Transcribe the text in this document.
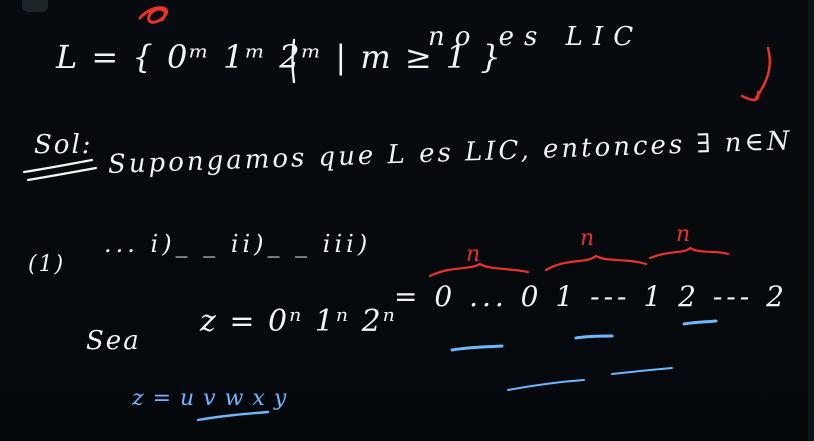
L = { 0ᵐ 1ᵐ 2ᵐ | m ≥ 1 }
no es LIC
Sol: Supongamos que L es LIC, entonces ∃ n∈N
(1)
... i)_ _ ii)_ _ iii)	n
n	n
Sea
z = 0ⁿ 1ⁿ 2ⁿ
= 0 ... 0 1 --- 1 2 --- 2
z = u v w x y
